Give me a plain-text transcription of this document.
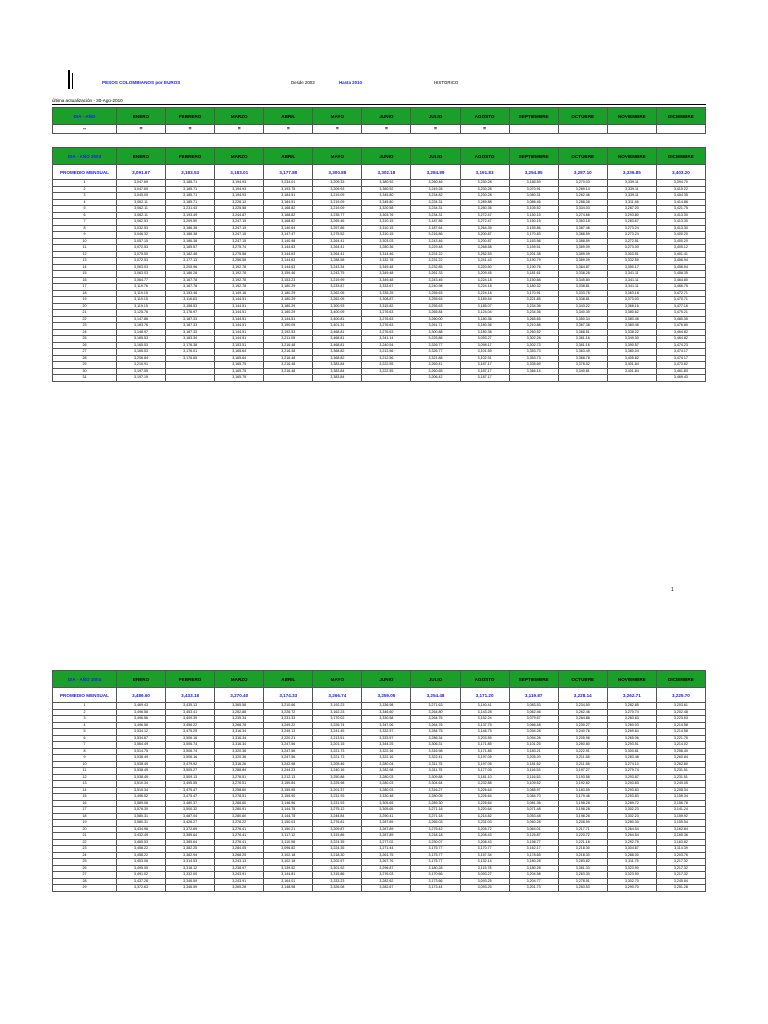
PESOS COLOMBIANOS por EUROS	Desde 2003	Hasta 2010	HISTORICO
última actualización - 30-Ago-2010
DIA - AÑO	ENERO	FEBRERO	MARZO	ABRIL	MAYO	JUNIO	JULIO	AGOSTO	SEPTIEMBRE	OCTUBRE	NOVIEMBRE	DICIEMBRE
--	=	=	=	=	=	=	=	=				
DIA - AÑO 2003	ENERO	FEBRERO	MARZO	ABRIL	MAYO	JUNIO	JULIO	AGOSTO	SEPTIEMBRE	OCTUBRE	NOVIEMBRE	DICIEMBRE
PROMEDIO MENSUAL	3,091.67	3,183.53	3,183.01	3,177.88	3,300.88	3,302.18	3,284.89	3,191.83	3,254.85	3,287.10	3,336.85	3,403.20
1	3,047.69	3,185.71	3,194.93	3,234.01	3,209.33	3,380.92	3,260.46	3,230.28	3,185.59	3,270.03	3,339.11	3,394.70
2	3,047.69	3,185.71	3,194.93	3,193.75	3,209.93	3,380.92	3,249.28	3,230.28	3,070.91	3,289.14	3,339.11	3,415.22
3	3,045.00	3,185.71	3,194.93	3,184.51	3,219.09	3,345.80	3,234.82	3,230.28	3,080.31	3,262.46	3,339.11	3,404.35
4	3,062.11	3,185.71	3,228.12	3,184.51	3,219.09	3,345.80	3,234.31	3,289.88	3,086.46	3,288.08	3,311.46	3,414.86
5	3,062.11	3,231.43	3,225.58	3,168.82	3,219.09	3,320.58	3,234.31	3,260.36	3,105.52	3,334.03	3,287.20	3,421.75
6	3,062.11	3,193.49	3,244.87	3,168.82	3,235.77	3,303.76	3,234.31	3,272.47	3,150.15	3,274.66	3,293.80	3,413.30
7	3,062.53	3,209.50	3,247.15	3,168.82	3,265.46	3,310.15	3,187.86	3,272.47	3,150.15	3,363.18	3,283.67	3,413.30
8	3,032.53	3,186.38	3,247.15	3,140.64	3,257.86	3,310.15	3,187.64	3,264.39	3,155.86	3,387.46	3,273.24	3,413.30
9	3,046.32	3,186.38	3,247.15	3,147.47	3,275.52	3,310.15	3,216.86	3,200.87	3,170.83	3,388.59	3,273.24	3,400.20
10	3,057.15	3,186.38	3,247.15	3,140.98	3,264.41	3,303.03	3,243.46	3,200.87	3,163.98	3,388.59	3,272.51	3,400.20
11	3,072.53	3,185.57	3,275.74	3,144.63	3,264.41	3,280.36	3,229.48	3,268.58	3,159.51	3,389.09	3,273.00	3,405.12
12	3,075.50	3,182.48	3,275.58	3,144.63	3,264.41	3,314.46	3,231.22	3,252.53	3,201.38	3,389.09	3,303.51	3,401.41
13	3,072.53	3,177.13	3,256.58	3,144.63	3,288.58	3,332.78	3,231.22	3,241.43	3,190.79	3,389.09	3,332.59	3,456.94
14	3,063.03	3,205.96	3,192.78	3,144.63	3,243.34	3,349.48	3,232.85	3,220.50	3,190.76	3,364.87	3,350.17	3,456.94
15	3,063.03	3,186.28	3,192.78	3,159.46	3,243.75	3,349.48	3,261.33	3,209.45	3,181.61	3,338.28	3,341.11	3,458.35
16	3,064.77	3,187.78	3,192.78	3,153.23	3,219.99	3,349.48	3,243.46	3,224.18	3,150.88	3,345.80	3,341.11	3,464.80
17	3,119.76	3,187.78	3,192.78	3,180.29	3,233.87	3,333.67	3,240.98	3,224.18	3,180.32	3,338.81	3,341.11	3,466.75
18	3,119.15	3,153.46	3,149.16	3,180.29	3,262.05	3,335.25	3,255.63	3,224.18	3,170.91	3,333.76	3,363.18	3,472.71
19	3,119.15	3,116.63	3,144.51	3,180.29	3,262.05	3,308.87	3,255.63	3,189.54	3,221.85	3,338.81	3,373.03	3,470.71
20	3,119.15	3,158.53	3,144.51	3,180.29	3,300.93	3,315.82	3,255.63	3,185.07	3,234.36	3,343.22	3,368.16	3,477.16
21	3,125.76	3,176.97	3,144.51	3,180.29	3,400.09	3,276.63	3,265.84	3,124.04	3,234.36	3,340.39	3,380.62	3,475.21
22	3,147.86	3,187.33	3,144.51	3,144.51	3,400.81	3,276.63	3,260.00	3,180.36	3,265.65	3,350.34	3,380.46	3,480.35
23	3,183.76	3,187.33	3,144.51	3,190.05	3,401.31	3,276.63	3,261.71	3,180.36	3,210.88	3,367.38	3,380.46	3,476.80
24	3,148.97	3,187.33	3,144.51	3,192.53	3,468.81	3,276.63	3,300.88	3,180.38	3,260.52	3,368.51	3,338.22	3,464.82
25	3,165.53	3,183.34	3,144.51	3,211.05	3,468.81	3,241.14	3,225.86	3,093.27	3,302.28	3,361.16	3,349.30	3,464.82
26	3,165.53	3,176.38	3,153.51	3,216.48	3,468.81	3,240.54	3,326.77	3,098.17	3,302.73	3,361.16	3,390.57	3,474.23
27	3,165.53	3,176.01	3,165.64	3,216.48	3,368.82	3,212.56	3,326.77	3,101.55	3,353.73	3,363.49	3,380.04	3,474.17
28	3,206.84	3,176.65	3,165.64	3,216.48	3,368.82	3,212.56	3,321.88	3,102.91	3,353.73	3,368.78	3,405.82	3,474.17
29	3,210.91		3,165.75	3,216.48	3,383.84	3,222.55	3,269.41	3,187.17	3,335.69	3,378.52	3,401.84	3,473.82
30	3,197.55		3,165.75	3,216.48	3,383.84	3,222.55	3,260.65	3,187.17	3,366.14	3,340.81	3,401.84	3,461.83
31	3,197.19		3,165.75		3,383.84		3,206.42	3,187.17				3,469.43
1
DIA - AÑO 2004	ENERO	FEBRERO	MARZO	ABRIL	MAYO	JUNIO	JULIO	AGOSTO	SEPTIEMBRE	OCTUBRE	NOVIEMBRE	DICIEMBRE
PROMEDIO MENSUAL	3,486.60	3,433.18	3,270.40	3,174.33	3,266.74	3,259.05	3,254.48	3,171.20	3,119.87	3,228.14	3,262.71	3,225.70
1	3,469.43	3,435.13	3,365.58	3,210.66	3,192.23	3,336.98	3,271.63	3,140.41	3,083.53	3,234.50	3,282.85	3,203.61
2	3,496.58	3,453.41	3,252.88	3,226.72	3,162.23	3,346.60	3,264.80	3,143.28	3,062.46	3,262.46	3,270.74	3,202.48
3	3,496.56	3,409.39	3,235.34	3,231.33	3,170.02	3,330.58	3,264.76	3,152.24	3,079.67	3,284.88	3,283.63	3,223.53
4	3,496.56	3,456.22	3,268.78	3,249.22	3,226.74	3,347.06	3,264.76	3,137.75	3,066.48	3,230.27	3,260.03	3,214.58
5	3,534.12	3,475.25	3,316.34	3,249.13	3,241.45	3,332.57	3,284.75	3,146.75	3,094.28	3,240.76	3,269.64	3,214.58
6	3,534.67	3,506.16	3,316.34	3,220.21	3,213.51	3,333.57	3,286.34	3,203.55	3,094.28	3,205.96	3,265.06	3,221.75
7	3,564.49	3,506.74	3,316.34	3,247.56	3,201.15	3,344.25	3,306.31	3,171.85	3,101.25	3,260.80	3,293.51	3,214.02
8	3,514.75	3,506.74	3,320.36	3,247.56	3,221.73	3,322.16	3,316.98	3,171.85	3,183.21	3,222.91	3,300.81	3,256.40
9	3,538.49	3,506.16	3,320.36	3,247.56	3,221.73	3,322.16	3,322.41	3,197.05	3,205.20	3,211.58	3,283.48	3,260.84
10	3,538.49	3,479.92	3,316.26	3,242.98	3,205.46	3,280.04	3,311.75	3,197.05	3,181.62	3,211.58	3,274.10	3,262.80
11	3,538.49	3,505.27	3,288.84	3,244.23	3,240.16	3,282.98	3,311.75	3,177.05	3,116.53	3,197.27	3,279.74	3,231.51
12	3,538.49	3,509.13	3,276.51	3,212.13	3,250.88	3,280.03	3,309.88	3,181.10	3,116.53	3,193.58	3,293.87	3,231.51
13	3,510.34	3,495.55	3,276.51	3,159.84	3,225.98	3,280.03	3,304.64	3,232.88	3,109.52	3,192.82	3,293.83	3,249.05
14	3,510.34	3,475.47	3,258.60	3,159.95	3,201.37	3,280.03	3,316.27	3,226.64	3,085.97	3,183.55	3,293.83	3,208.34
15	3,496.52	3,475.47	3,278.51	3,155.90	3,231.93	3,330.48	3,280.05	3,226.64	3,084.70	3,179.46	3,293.83	3,159.34
16	3,589.06	3,480.37	3,288.60	3,146.96	3,231.93	3,305.65	3,289.30	3,226.64	3,081.36	3,198.28	3,289.72	3,156.78
17	3,576.30	3,500.32	3,280.91	3,144.75	3,275.12	3,305.65	3,271.18	3,220.64	3,071.48	3,198.28	3,302.23	3,141.24
18	3,580.31	3,487.04	3,280.60	3,144.75	3,244.84	3,290.41	3,271.18	3,214.82	3,053.48	3,198.28	3,302.23	3,159.92
19	3,580.31	3,426.27	3,278.22	3,150.03	3,276.81	3,287.89	3,265.03	3,231.03	3,060.28	3,208.59	3,280.30	3,155.54
20	3,434.98	3,372.69	3,276.41	3,150.21	3,209.87	3,287.89	3,275.42	3,205.72	3,064.01	3,217.71	3,264.54	3,162.84
21	3,432.49	3,385.64	3,276.41	3,117.12	3,315.86	3,287.89	3,218.18	3,208.43	3,125.87	3,220.72	3,264.54	3,165.36
22	3,465.53	3,385.64	3,276.41	3,110.98	3,224.35	3,277.02	3,230.07	3,208.43	3,158.77	3,221.16	3,292.79	3,163.82
23	3,458.22	3,382.25	3,284.05	3,096.82	3,224.35	3,271.44	3,175.77	3,170.77	3,162.17	3,218.30	3,304.67	3,114.39
24	3,458.22	3,382.94	3,268.25	3,102.18	3,218.30	3,261.75	3,175.77	3,157.34	3,178.65	3,218.30	3,288.00	3,203.76
25	3,453.06	3,314.53	3,243.13	3,102.18	3,202.57	3,267.76	3,175.77	3,132.14	3,180.28	3,283.82	3,311.75	3,217.32
26	3,495.05	3,318.12	3,238.97	3,139.52	3,301.92	3,296.87	3,180.28	3,115.78	3,180.28	3,361.33	3,323.90	3,217.32
27	3,491.02	3,332.00	3,243.91	3,144.81	3,315.86	3,276.03	3,170.66	3,093.27	3,204.58	3,263.30	3,323.90	3,217.32
28	3,437.28	3,346.59	3,243.91	3,164.01	3,333.23	3,282.62	3,173.66	3,093.25	3,204.77	3,278.91	3,302.70	3,245.84
29	3,372.63	3,346.59	3,265.28	3,148.98	3,326.08	3,282.67	3,173.44	3,093.25	3,201.73	3,263.53	3,290.70	3,251.28
